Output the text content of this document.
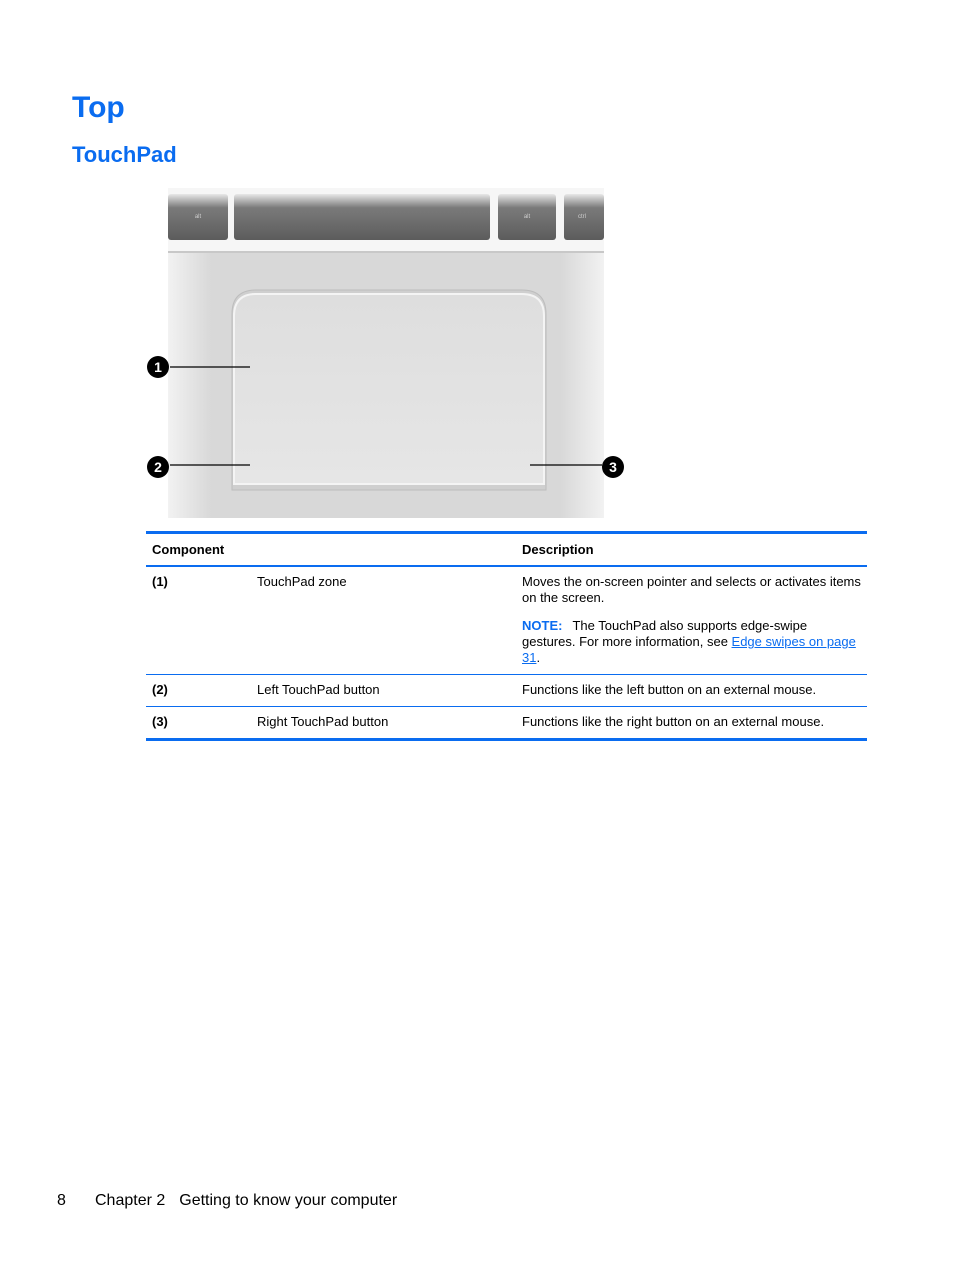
Top
TouchPad
alt	alt	ctrl
1
2	3
Component		Description
(1)	TouchPad zone	Moves the on-screen pointer and selects or activates items on the screen.

NOTE: The TouchPad also supports edge-swipe gestures. For more information, see Edge swipes on page 31.

(2)	Left TouchPad button	Functions like the left button on an external mouse.
(3)	Right TouchPad button	Functions like the right button on an external mouse.
8 Chapter 2 Getting to know your computer
